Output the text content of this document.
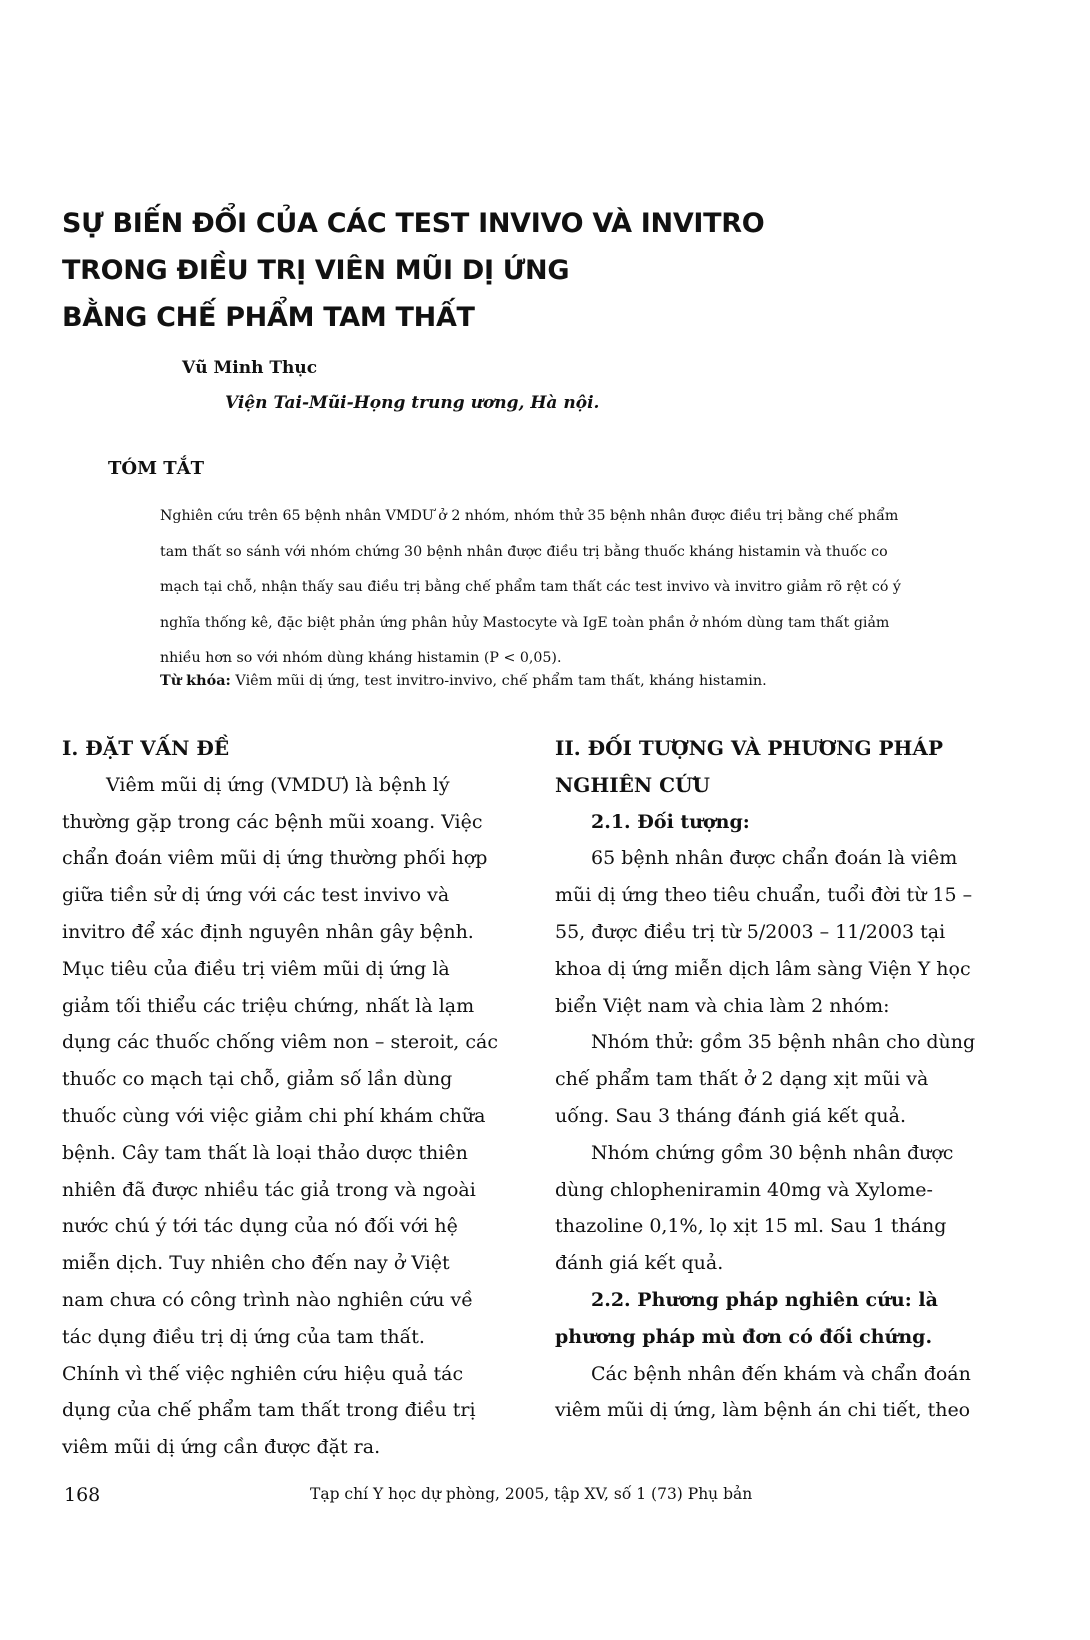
SỰ BIẾN ĐỔI CỦA CÁC TEST INVIVO VÀ INVITRO
TRONG ĐIỀU TRỊ VIÊN MŨI DỊ ỨNG
BẰNG CHẾ PHẨM TAM THẤT
Vũ Minh Thục
Viện Tai-Mũi-Họng trung ương, Hà nội.
TÓM TẮT
Nghiên cứu trên 65 bệnh nhân VMDƯ ở 2 nhóm, nhóm thử 35 bệnh nhân được điều trị bằng chế phẩm
tam thất so sánh với nhóm chứng 30 bệnh nhân được điều trị bằng thuốc kháng histamin và thuốc co
mạch tại chỗ, nhận thấy sau điều trị bằng chế phẩm tam thất các test invivo và invitro giảm rõ rệt có ý
nghĩa thống kê, đặc biệt phản ứng phân hủy Mastocyte và IgE toàn phần ở nhóm dùng tam thất giảm
nhiều hơn so với nhóm dùng kháng histamin (P < 0,05).
Từ khóa: Viêm mũi dị ứng, test invitro-invivo, chế phẩm tam thất, kháng histamin.
I. ĐẶT VẤN ĐỀ
Viêm mũi dị ứng (VMDƯ) là bệnh lý
thường gặp trong các bệnh mũi xoang. Việc
chẩn đoán viêm mũi dị ứng thường phối hợp
giữa tiền sử dị ứng với các test invivo và
invitro để xác định nguyên nhân gây bệnh.
Mục tiêu của điều trị viêm mũi dị ứng là
giảm tối thiểu các triệu chứng, nhất là lạm
dụng các thuốc chống viêm non – steroit, các
thuốc co mạch tại chỗ, giảm số lần dùng
thuốc cùng với việc giảm chi phí khám chữa
bệnh. Cây tam thất là loại thảo dược thiên
nhiên đã được nhiều tác giả trong và ngoài
nước chú ý tới tác dụng của nó đối với hệ
miễn dịch. Tuy nhiên cho đến nay ở Việt
nam chưa có công trình nào nghiên cứu về
tác dụng điều trị dị ứng của tam thất.
Chính vì thế việc nghiên cứu hiệu quả tác
dụng của chế phẩm tam thất trong điều trị
viêm mũi dị ứng cần được đặt ra.
II. ĐỐI TƯỢNG VÀ PHƯƠNG PHÁP
NGHIÊN CỨU
2.1. Đối tượng:
65 bệnh nhân được chẩn đoán là viêm
mũi dị ứng theo tiêu chuẩn, tuổi đời từ 15 –
55, được điều trị từ 5/2003 – 11/2003 tại
khoa dị ứng miễn dịch lâm sàng Viện Y học
biển Việt nam và chia làm 2 nhóm:
Nhóm thử: gồm 35 bệnh nhân cho dùng
chế phẩm tam thất ở 2 dạng xịt mũi và
uống. Sau 3 tháng đánh giá kết quả.
Nhóm chứng gồm 30 bệnh nhân được
dùng chlopheniramin 40mg và Xylome-
thazoline 0,1%, lọ xịt 15 ml. Sau 1 tháng
đánh giá kết quả.
2.2. Phương pháp nghiên cứu: là
phương pháp mù đơn có đối chứng.
Các bệnh nhân đến khám và chẩn đoán
viêm mũi dị ứng, làm bệnh án chi tiết, theo
168	Tạp chí Y học dự phòng, 2005, tập XV, số 1 (73) Phụ bản
